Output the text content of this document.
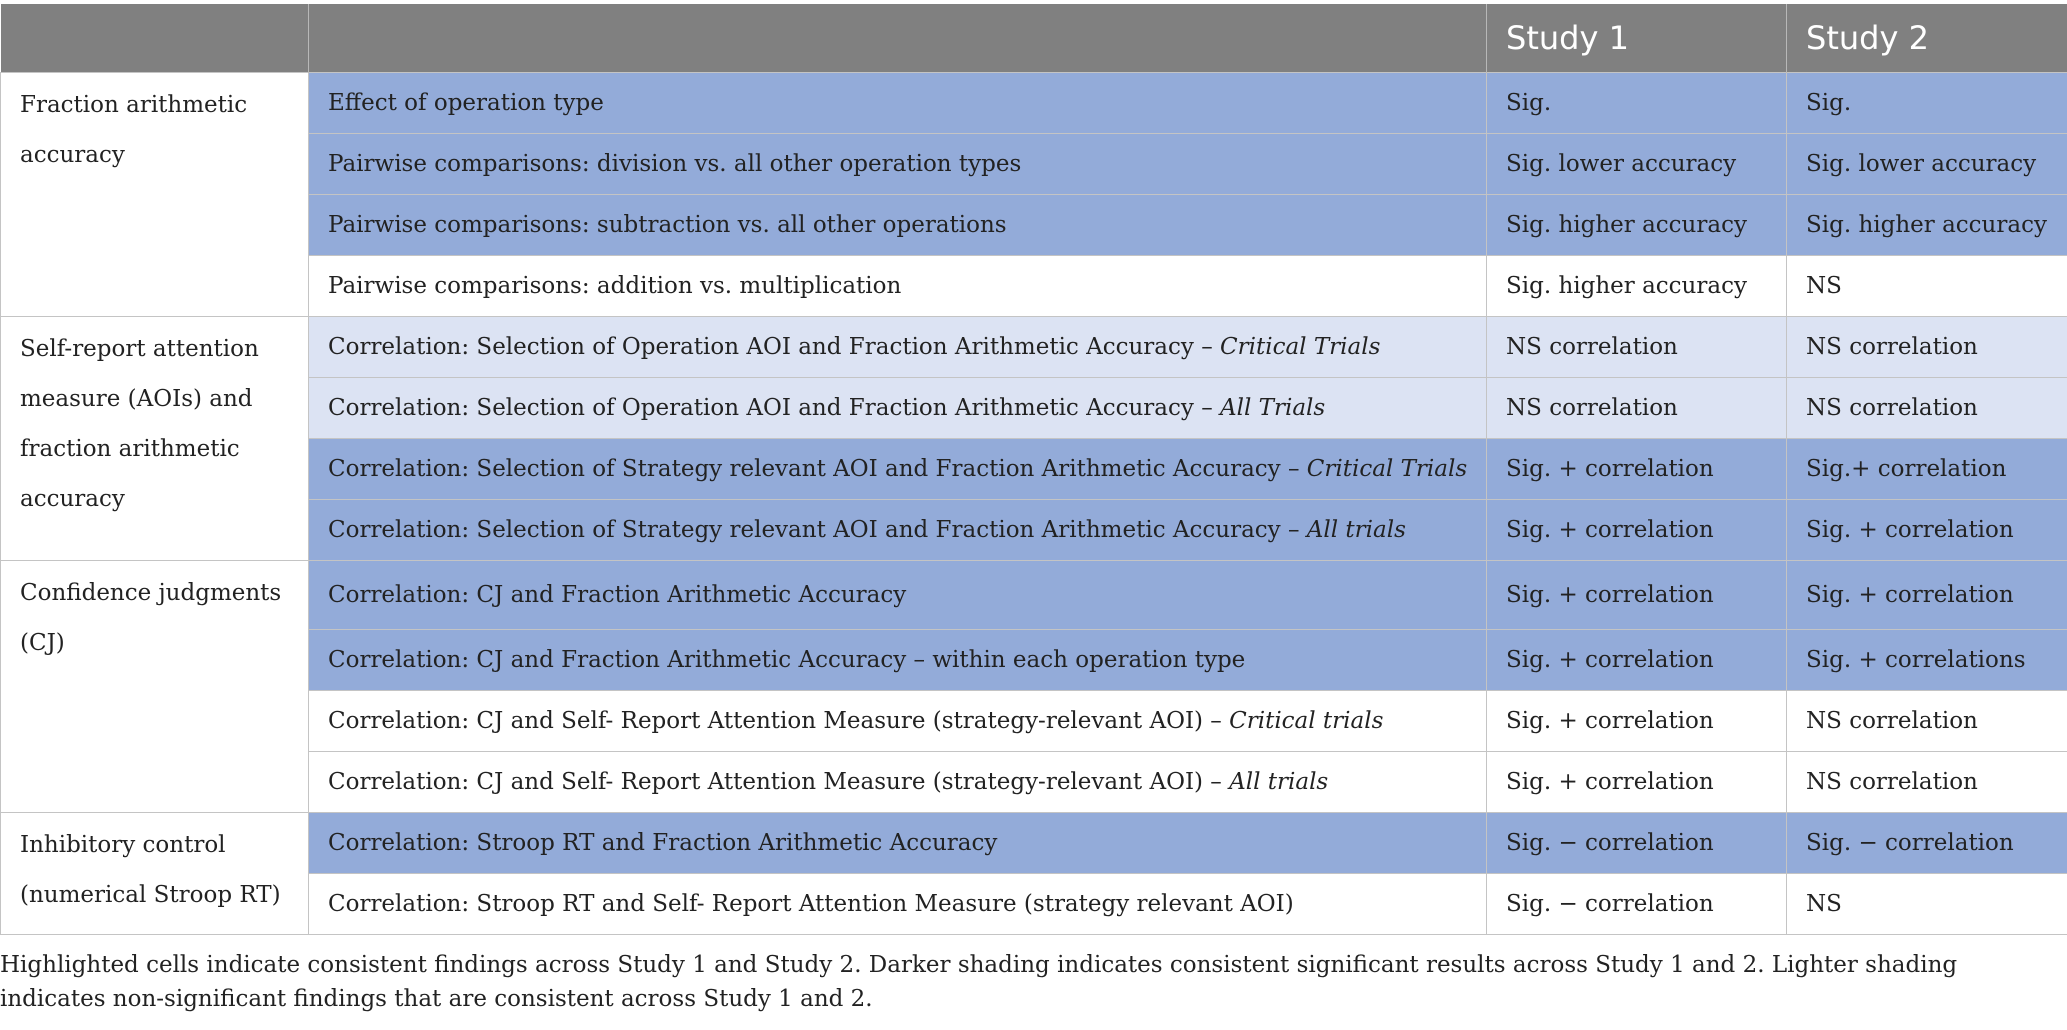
		Study 1	Study 2
Fraction arithmetic accuracy	Effect of operation type	Sig.	Sig.
	Pairwise comparisons: division vs. all other operation types	Sig. lower accuracy	Sig. lower accuracy
	Pairwise comparisons: subtraction vs. all other operations	Sig. higher accuracy	Sig. higher accuracy
	Pairwise comparisons: addition vs. multiplication	Sig. higher accuracy	NS
Self-report attention measure (AOIs) and fraction arithmetic accuracy	Correlation: Selection of Operation AOI and Fraction Arithmetic Accuracy – Critical Trials	NS correlation	NS correlation
	Correlation: Selection of Operation AOI and Fraction Arithmetic Accuracy – All Trials	NS correlation	NS correlation
	Correlation: Selection of Strategy relevant AOI and Fraction Arithmetic Accuracy – Critical Trials	Sig. + correlation	Sig.+ correlation
	Correlation: Selection of Strategy relevant AOI and Fraction Arithmetic Accuracy – All trials	Sig. + correlation	Sig. + correlation
Confidence judgments (CJ)	Correlation: CJ and Fraction Arithmetic Accuracy	Sig. + correlation	Sig. + correlation
	Correlation: CJ and Fraction Arithmetic Accuracy – within each operation type	Sig. + correlation	Sig. + correlations
	Correlation: CJ and Self- Report Attention Measure (strategy-relevant AOI) – Critical trials	Sig. + correlation	NS correlation
	Correlation: CJ and Self- Report Attention Measure (strategy-relevant AOI) – All trials	Sig. + correlation	NS correlation
Inhibitory control (numerical Stroop RT)	Correlation: Stroop RT and Fraction Arithmetic Accuracy	Sig. − correlation	Sig. − correlation
	Correlation: Stroop RT and Self- Report Attention Measure (strategy relevant AOI)	Sig. − correlation	NS
Highlighted cells indicate consistent findings across Study 1 and Study 2. Darker shading indicates consistent significant results across Study 1 and 2. Lighter shading indicates non-significant findings that are consistent across Study 1 and 2.
